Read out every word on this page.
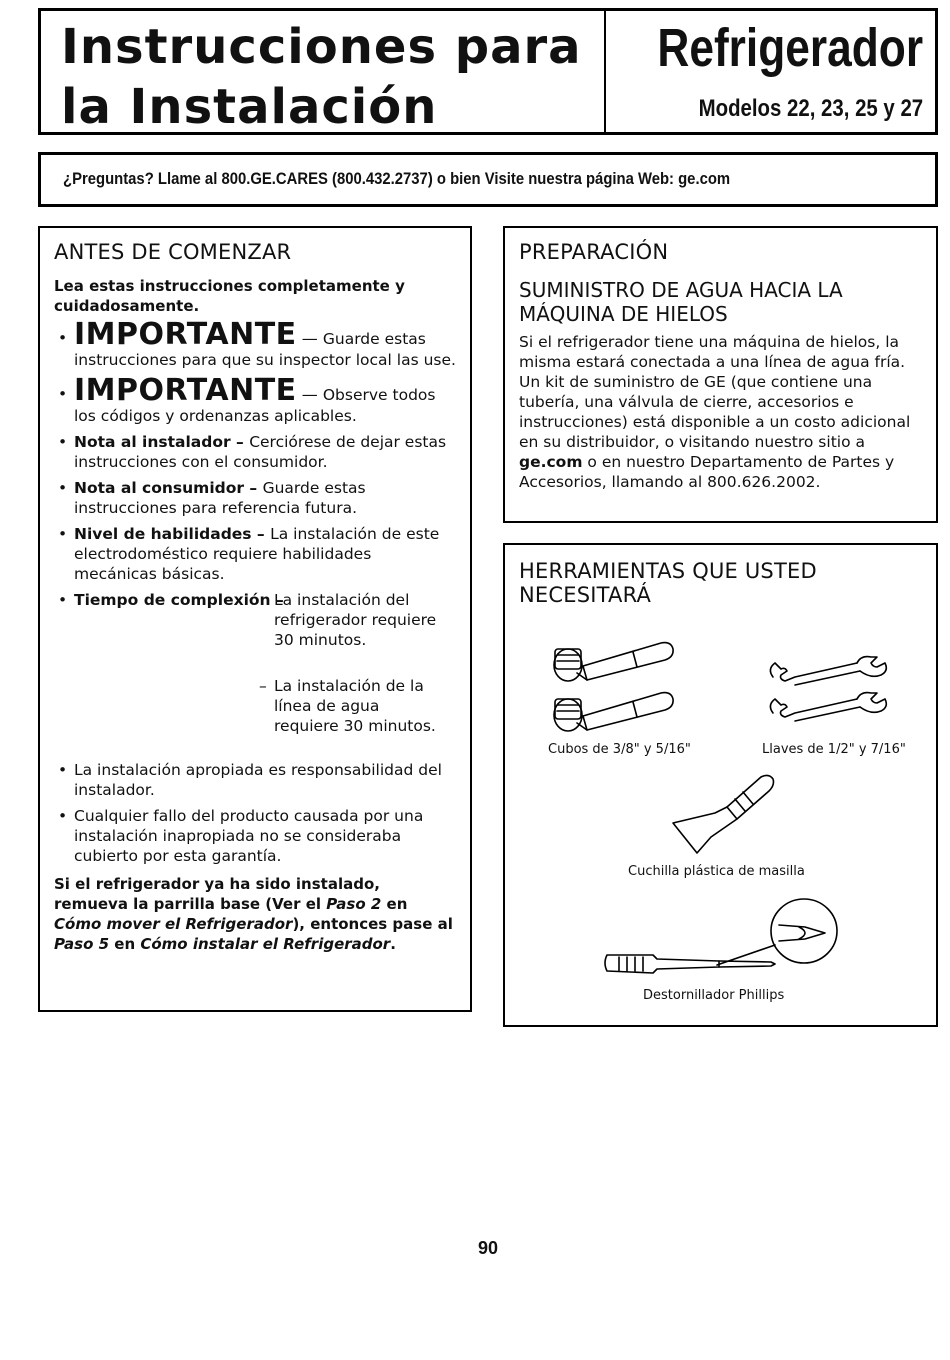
Instrucciones para
la Instalación
Refrigerador
Modelos 22, 23, 25 y 27

¿Preguntas? Llame al 800.GE.CARES (800.432.2737) o bien Visite nuestra página Web: ge.com

ANTES DE COMENZAR

Lea estas instrucciones completamente y cuidadosamente.

• IMPORTANTE — Guarde estas instrucciones para que su inspector local las use.
• IMPORTANTE — Observe todos los códigos y ordenanzas aplicables.
• Nota al instalador – Cerciórese de dejar estas instrucciones con el consumidor.
• Nota al consumidor – Guarde estas instrucciones para referencia futura.
• Nivel de habilidades – La instalación de este electrodoméstico requiere habilidades mecánicas básicas.
• Tiempo de complexión –
La instalación del refrigerador requiere 30 minutos.
– La instalación de la línea de agua requiere 30 minutos.
• La instalación apropiada es responsabilidad del instalador.
• Cualquier fallo del producto causada por una instalación inapropiada no se consideraba cubierto por esta garantía.

Si el refrigerador ya ha sido instalado, remueva la parrilla base (Ver el Paso 2 en Cómo mover el Refrigerador), entonces pase al Paso 5 en Cómo instalar el Refrigerador.

PREPARACIÓN
SUMINISTRO DE AGUA HACIA LA MÁQUINA DE HIELOS

Si el refrigerador tiene una máquina de hielos, la misma estará conectada a una línea de agua fría. Un kit de suministro de GE (que contiene una tubería, una válvula de cierre, accesorios e instrucciones) está disponible a un costo adicional en su distribuidor, o visitando nuestro sitio a ge.com o en nuestro Departamento de Partes y Accesorios, llamando al 800.626.2002.

HERRAMIENTAS QUE USTED NECESITARÁ
Cubos de 3/8" y 5/16"	Llaves de 1/2" y 7/16"
Cuchilla plástica de masilla
Destornillador Phillips
90
